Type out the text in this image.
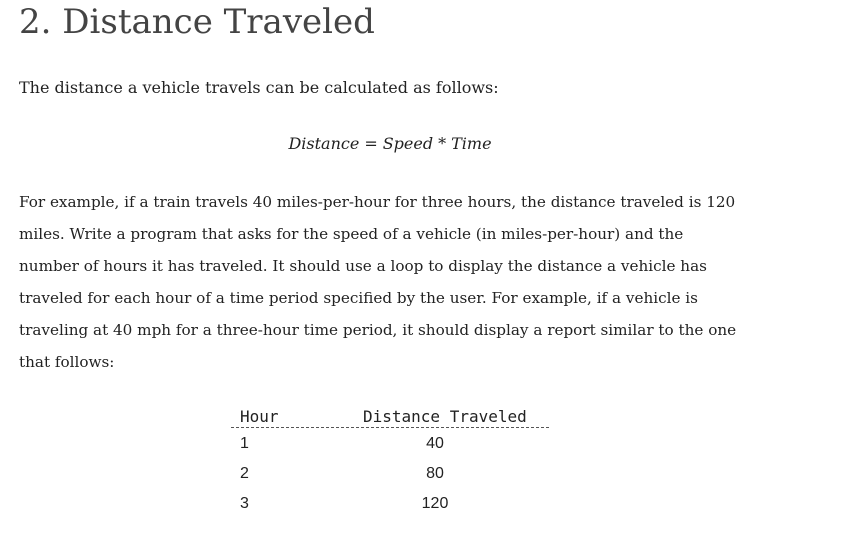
2. Distance Traveled

The distance a vehicle travels can be calculated as follows:

Distance = Speed * Time

For example, if a train travels 40 miles-per-hour for three hours, the distance traveled is 120
miles. Write a program that asks for the speed of a vehicle (in miles-per-hour) and the
number of hours it has traveled. It should use a loop to display the distance a vehicle has
traveled for each hour of a time period specified by the user. For example, if a vehicle is
traveling at 40 mph for a three-hour time period, it should display a report similar to the one
that follows:

Hour	Distance Traveled
1	40
2	80
3	120
